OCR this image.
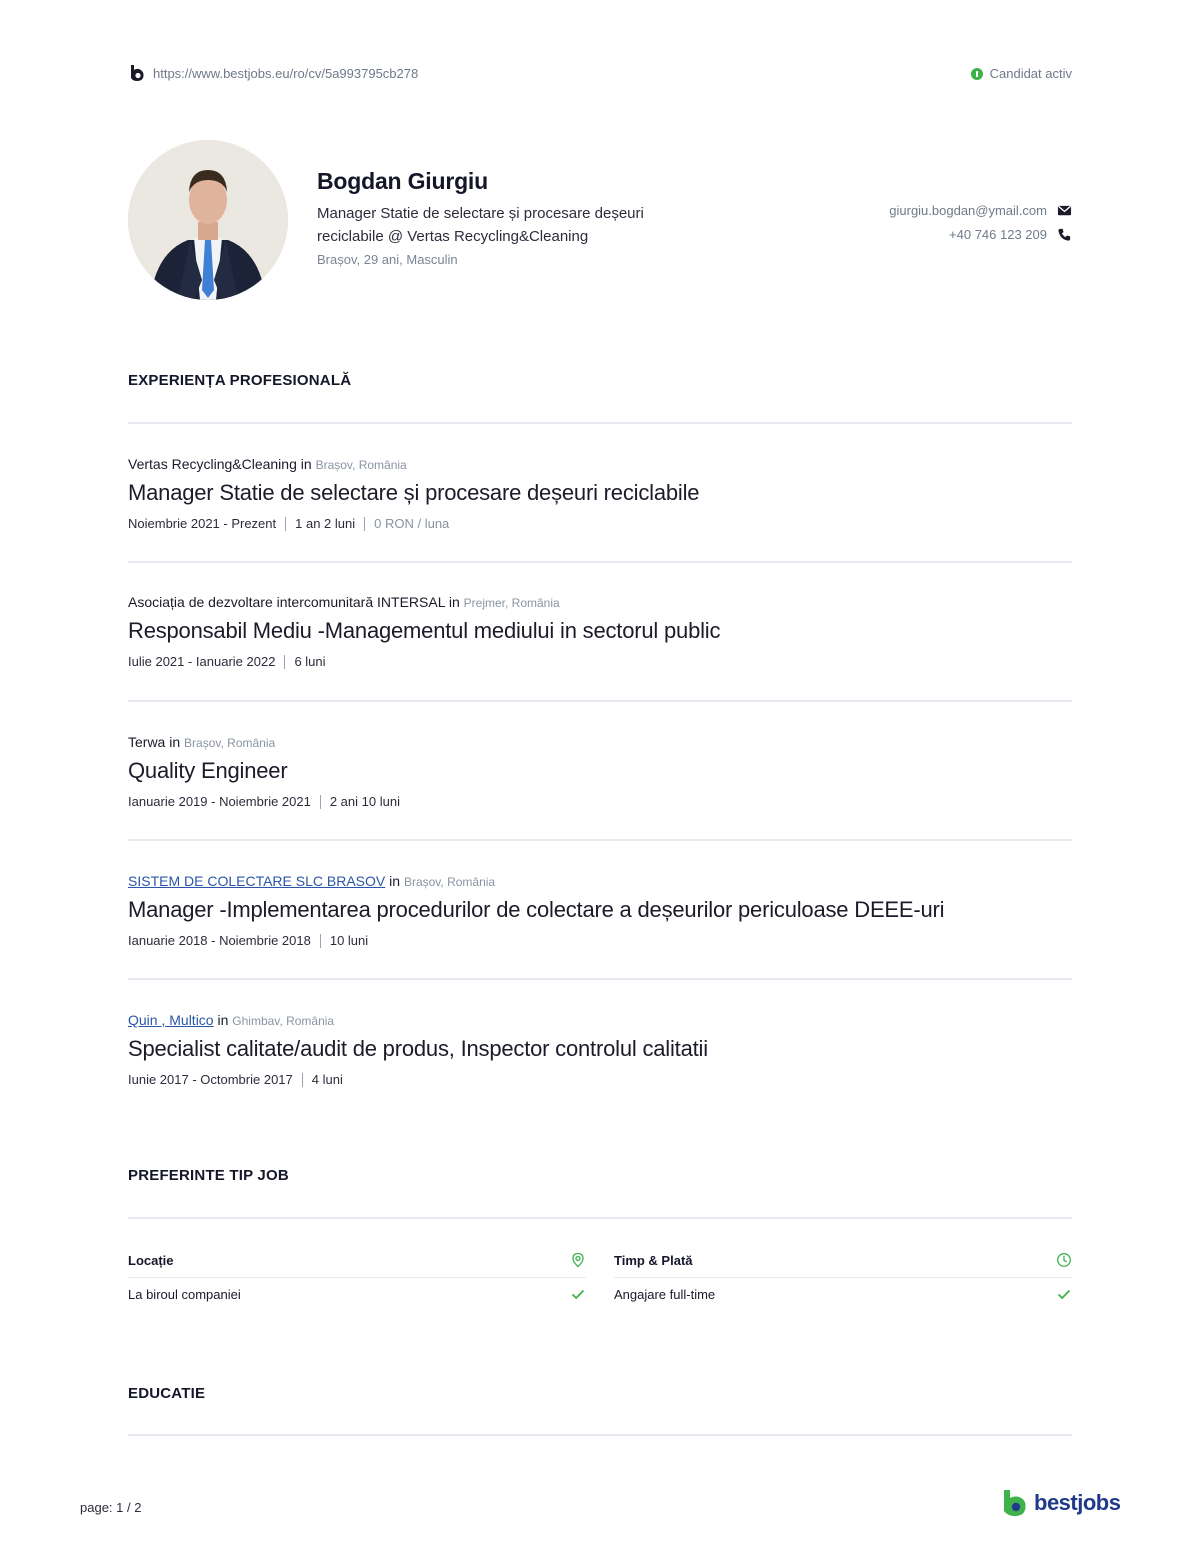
https://www.bestjobs.eu/ro/cv/5a993795cb278	Candidat activ
Bogdan Giurgiu
Manager Statie de selectare și procesare deșeuri reciclabile @ Vertas Recycling&Cleaning
Brașov, 29 ani, Masculin
giurgiu.bogdan@ymail.com
+40 746 123 209
EXPERIENȚA PROFESIONALĂ
Vertas Recycling&Cleaning in Brașov, România
Manager Statie de selectare și procesare deșeuri reciclabile
Noiembrie 2021 - Prezent 1 an 2 luni 0 RON / luna
Asociația de dezvoltare intercomunitară INTERSAL in Prejmer, România
Responsabil Mediu -Managementul mediului in sectorul public
Iulie 2021 - Ianuarie 2022 6 luni
Terwa in Brașov, România
Quality Engineer
Ianuarie 2019 - Noiembrie 2021 2 ani 10 luni
SISTEM DE COLECTARE SLC BRASOV in Brașov, România
Manager -Implementarea procedurilor de colectare a deșeurilor periculoase DEEE-uri
Ianuarie 2018 - Noiembrie 2018 10 luni
Quin , Multico in Ghimbav, România
Specialist calitate/audit de produs, Inspector controlul calitatii
Iunie 2017 - Octombrie 2017 4 luni
PREFERINTE TIP JOB
Locație
La biroul companiei
Timp & Plată
Angajare full-time
EDUCATIE
page: 1 / 2	bestjobs
